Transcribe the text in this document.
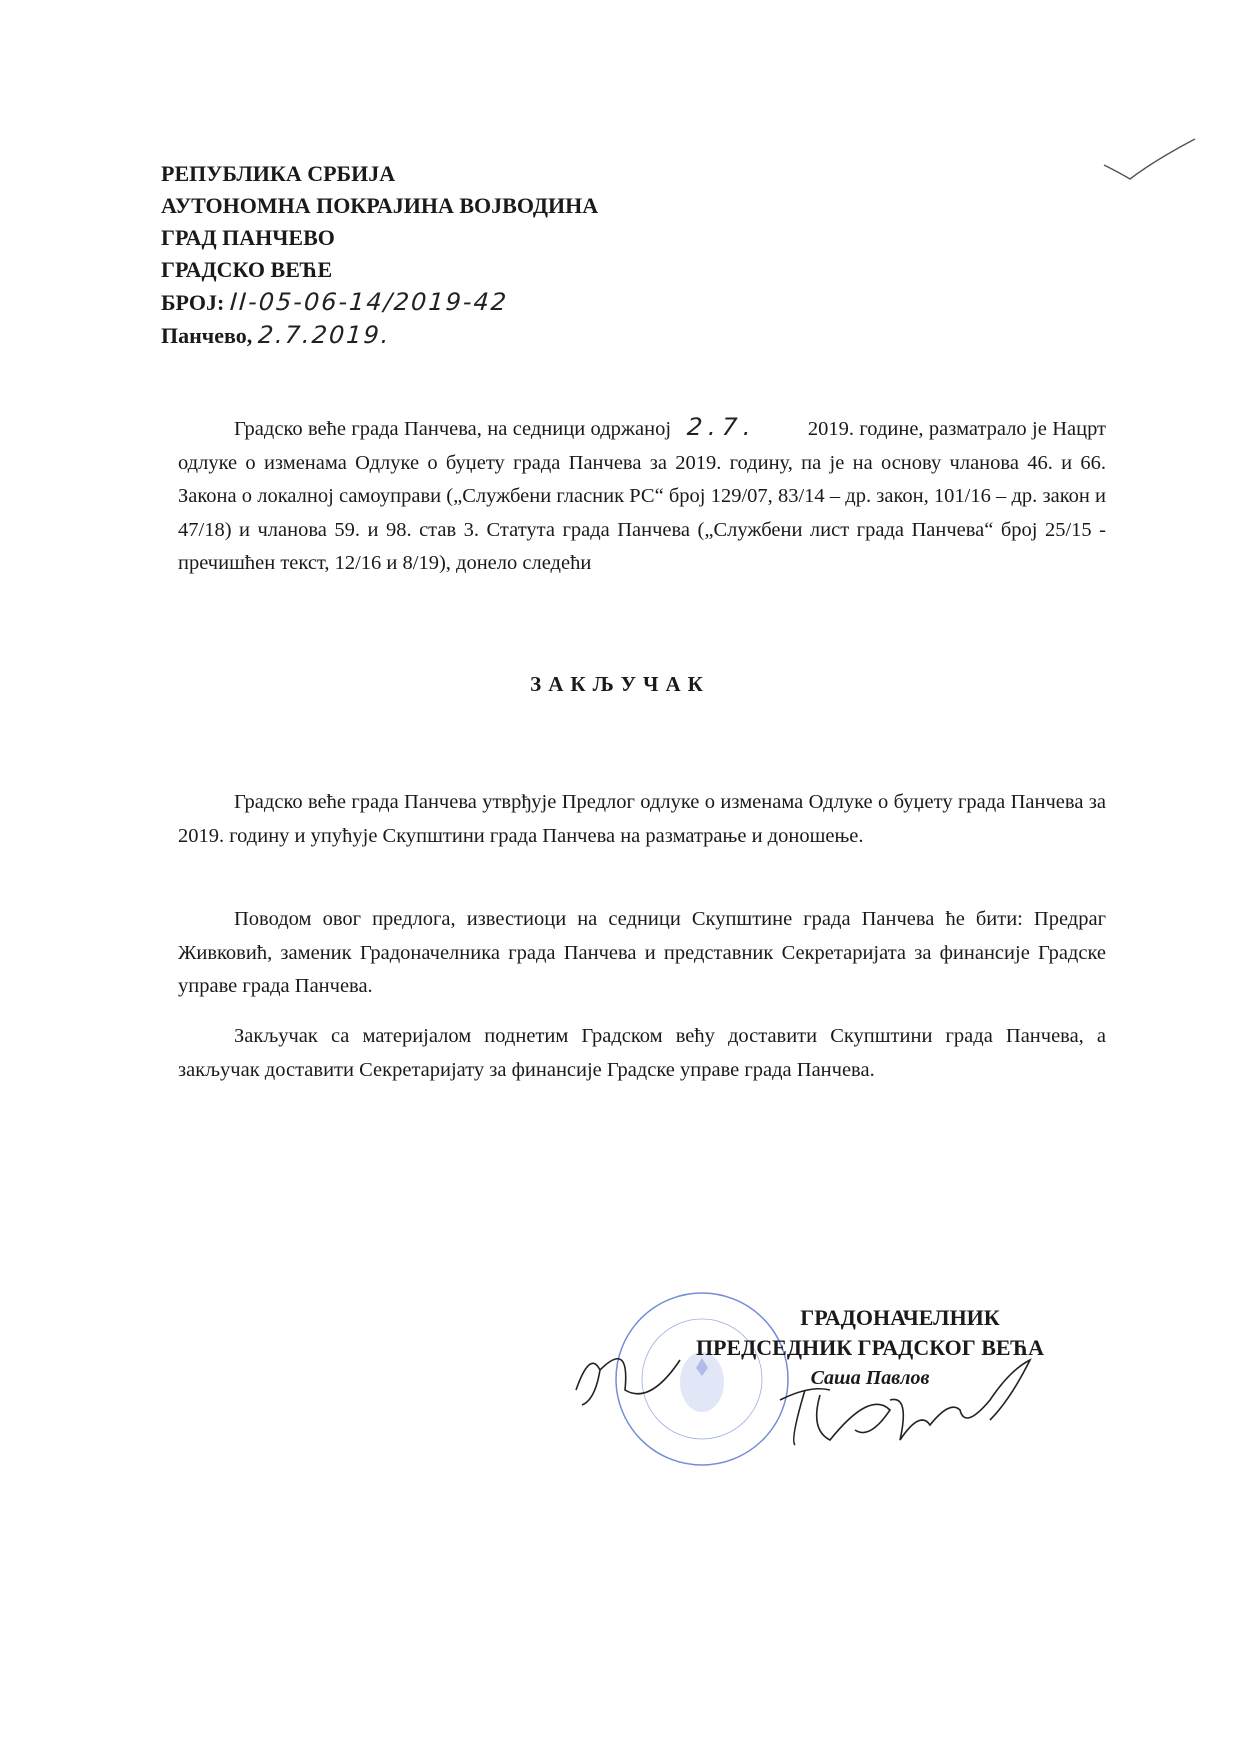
РЕПУБЛИКА СРБИЈА
АУТОНОМНА ПОКРАЈИНА ВОЈВОДИНА
ГРАД ПАНЧЕВО
ГРАДСКО ВЕЋЕ
БРОЈ: II-05-06-14/2019-42
Панчево, 2.7.2019.
Градско веће града Панчева, на седници одржаној 2.7. 2019. године, разматрало је Нацрт одлуке о изменама Одлуке о буџету града Панчева за 2019. годину, па је на основу чланова 46. и 66. Закона о локалној самоуправи („Службени гласник РС“ број 129/07, 83/14 – др. закон, 101/16 – др. закон и 47/18) и чланова 59. и 98. став 3. Статута града Панчева („Службени лист града Панчева“ број 25/15 - пречишћен текст, 12/16 и 8/19), донело следећи
ЗАКЉУЧАК
Градско веће града Панчева утврђује Предлог одлуке о изменама Одлуке о буџету града Панчева за 2019. годину и упућује Скупштини града Панчева на разматрање и доношење.
Поводом овог предлога, известиоци на седници Скупштине града Панчева ће бити: Предраг Живковић, заменик Градоначелника града Панчева и представник Секретаријата за финансије Градске управе града Панчева.
Закључак са материјалом поднетим Градском већу доставити Скупштини града Панчева, а закључак доставити Секретаријату за финансије Градске управе града Панчева.
ГРАДОНАЧЕЛНИК
ПРЕДСЕДНИК ГРАДСКОГ ВЕЋА
Саша Павлов
